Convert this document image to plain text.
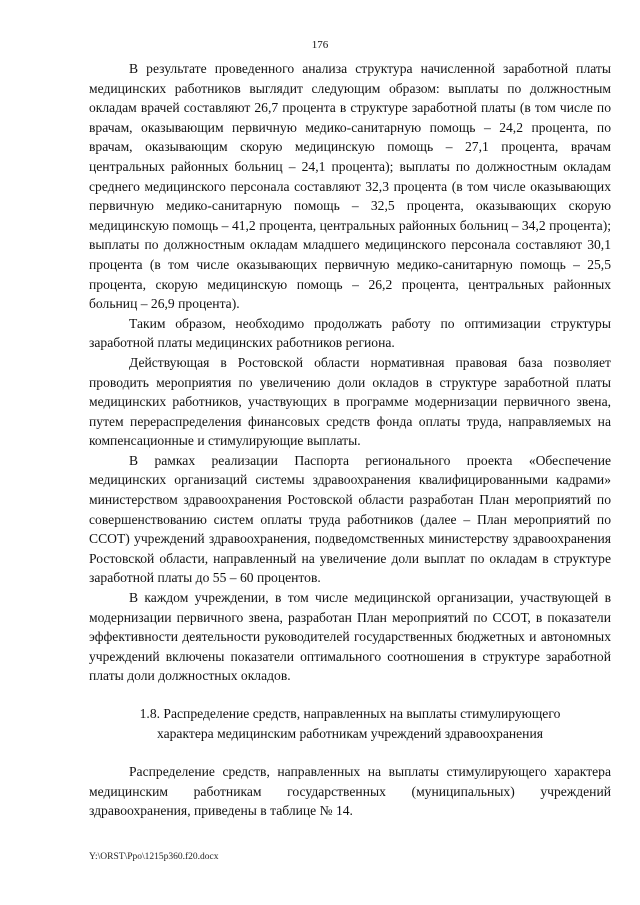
176

В результате проведенного анализа структура начисленной заработной платы медицинских работников выглядит следующим образом: выплаты по должностным окладам врачей составляют 26,7 процента в структуре заработной платы (в том числе по врачам, оказывающим первичную медико-санитарную помощь – 24,2 процента, по врачам, оказывающим скорую медицинскую помощь – 27,1 процента, врачам центральных районных больниц – 24,1 процента); выплаты по должностным окладам среднего медицинского персонала составляют 32,3 процента (в том числе оказывающих первичную медико-санитарную помощь – 32,5 процента, оказывающих скорую медицинскую помощь – 41,2 процента, центральных районных больниц – 34,2 процента); выплаты по должностным окладам младшего медицинского персонала составляют 30,1 процента (в том числе оказывающих первичную медико-санитарную помощь – 25,5 процента, скорую медицинскую помощь – 26,2 процента, центральных районных больниц – 26,9 процента).

Таким образом, необходимо продолжать работу по оптимизации структуры заработной платы медицинских работников региона.

Действующая в Ростовской области нормативная правовая база позволяет проводить мероприятия по увеличению доли окладов в структуре заработной платы медицинских работников, участвующих в программе модернизации первичного звена, путем перераспределения финансовых средств фонда оплаты труда, направляемых на компенсационные и стимулирующие выплаты.

В рамках реализации Паспорта регионального проекта «Обеспечение медицинских организаций системы здравоохранения квалифицированными кадрами» министерством здравоохранения Ростовской области разработан План мероприятий по совершенствованию систем оплаты труда работников (далее – План мероприятий по ССОТ) учреждений здравоохранения, подведомственных министерству здравоохранения Ростовской области, направленный на увеличение доли выплат по окладам в структуре заработной платы до 55 – 60 процентов.

В каждом учреждении, в том числе медицинской организации, участвующей в модернизации первичного звена, разработан План мероприятий по ССОТ, в показатели эффективности деятельности руководителей государственных бюджетных и автономных учреждений включены показатели оптимального соотношения в структуре заработной платы доли должностных окладов.

1.8. Распределение средств, направленных на выплаты стимулирующего
характера медицинским работникам учреждений здравоохранения

Распределение средств, направленных на выплаты стимулирующего характера медицинским работникам государственных (муниципальных) учреждений здравоохранения, приведены в таблице № 14.

Y:\ORST\Ppo\1215p360.f20.docx
